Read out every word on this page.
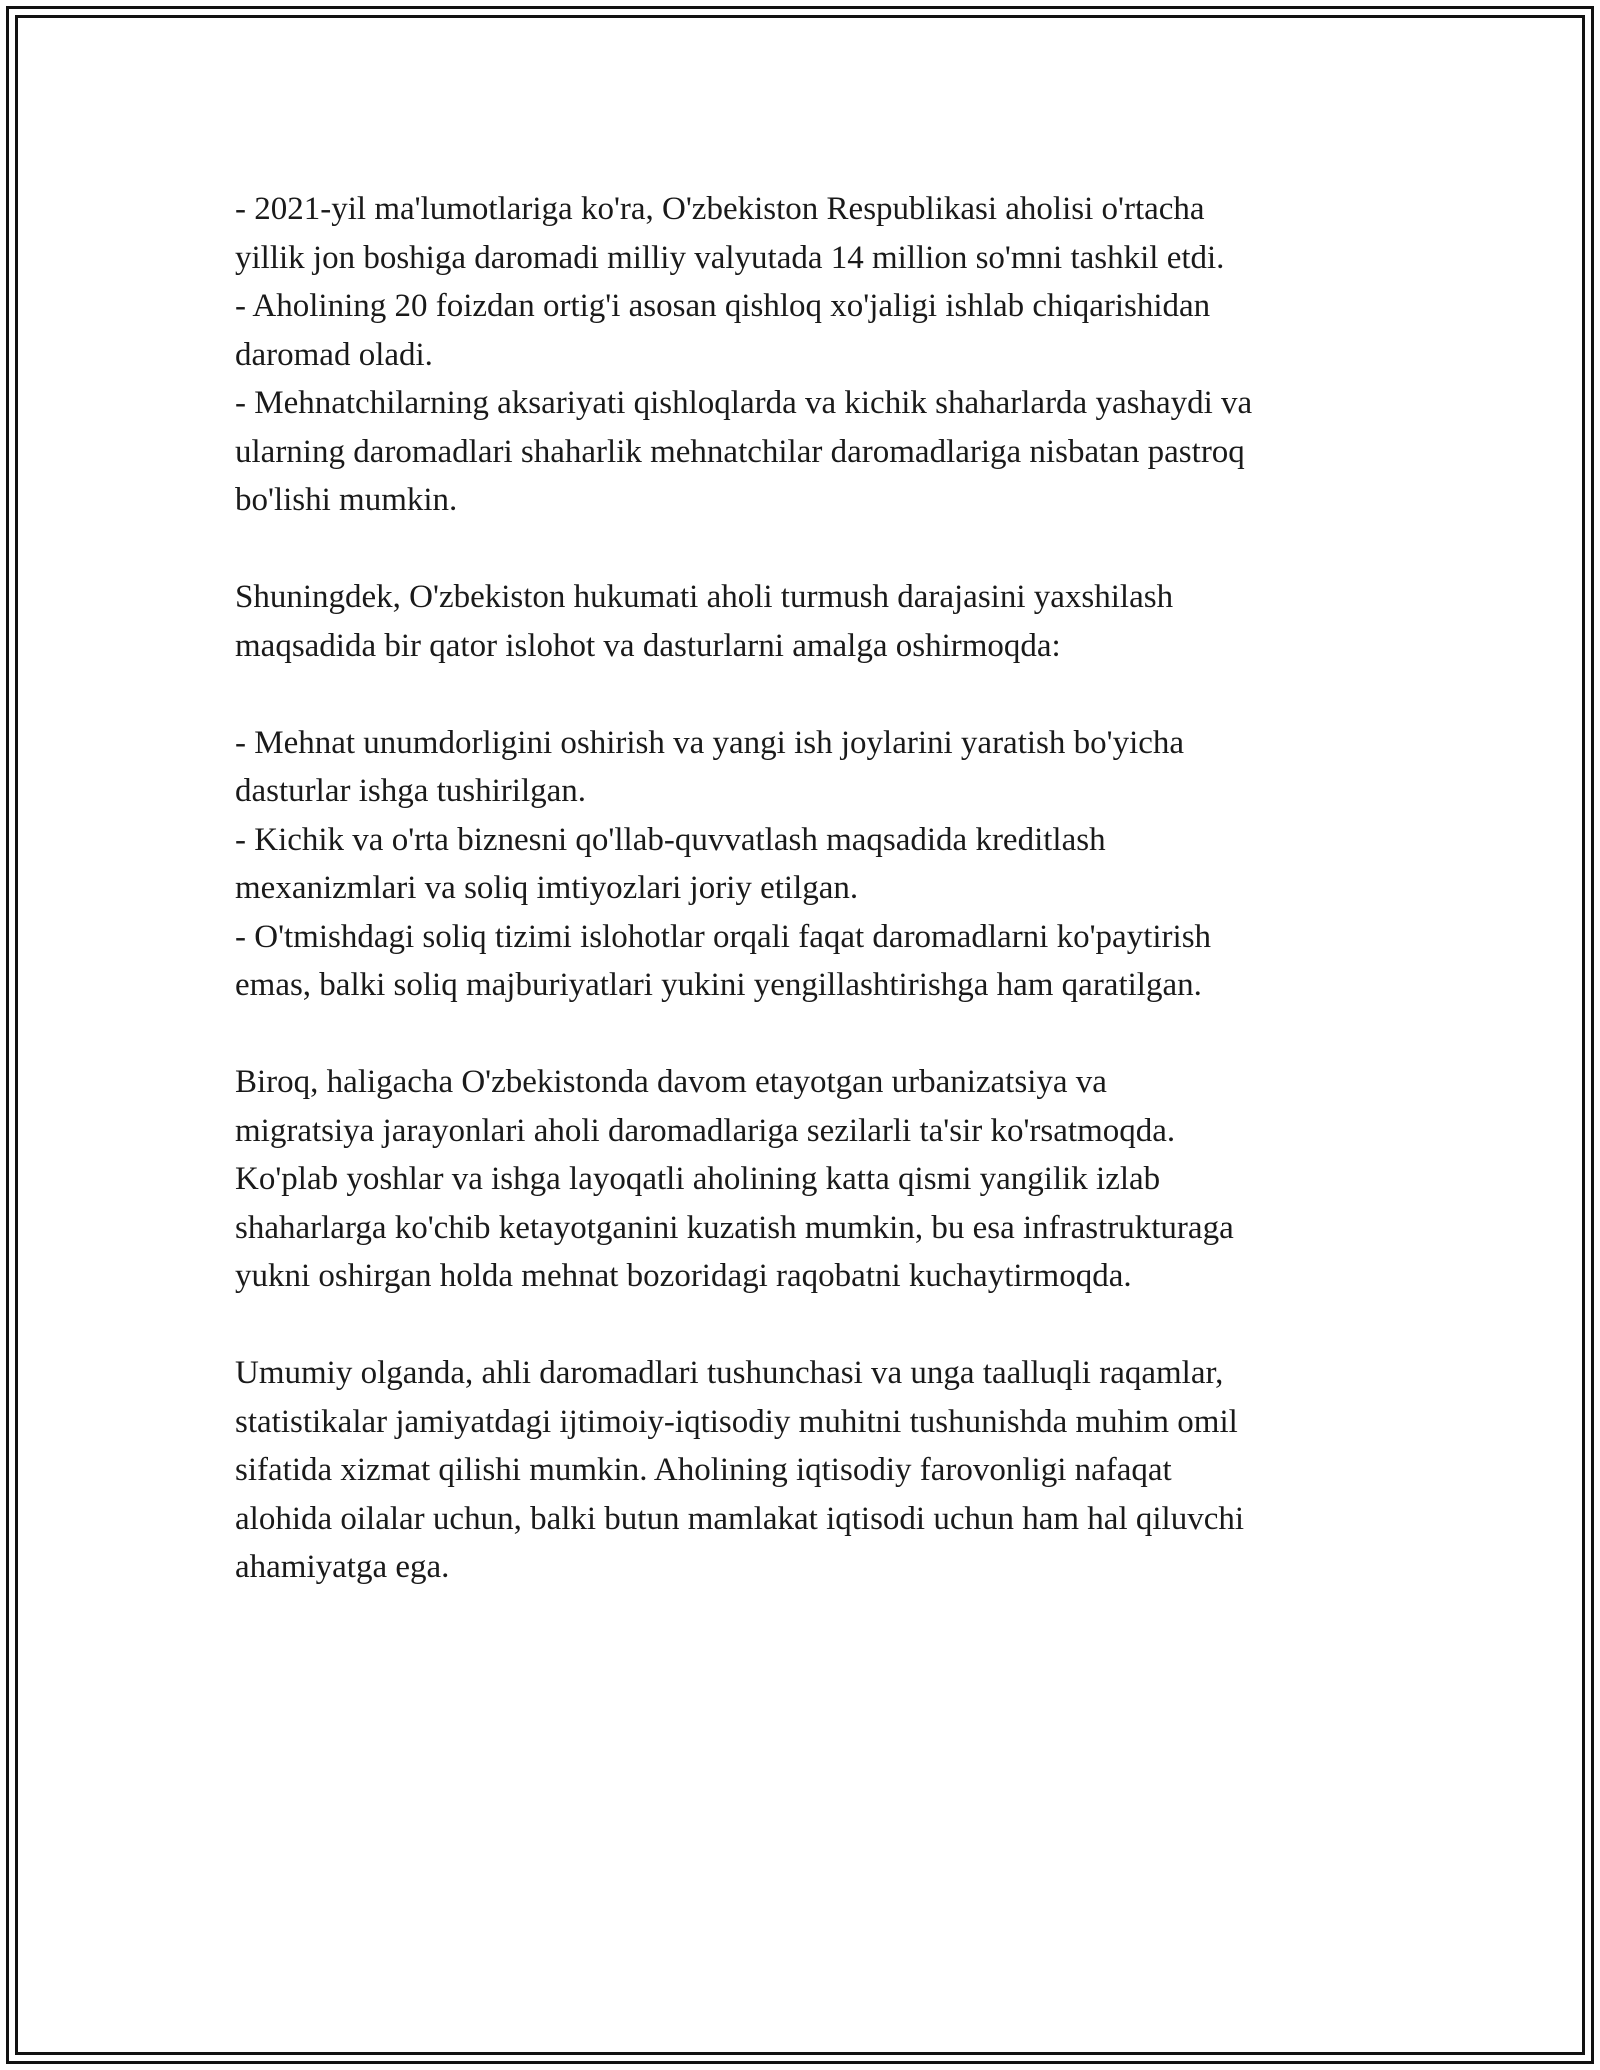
- 2021-yil ma'lumotlariga ko'ra, O'zbekiston Respublikasi aholisi o'rtacha
yillik jon boshiga daromadi milliy valyutada 14 million so'mni tashkil etdi.
- Aholining 20 foizdan ortig'i asosan qishloq xo'jaligi ishlab chiqarishidan
daromad oladi.
- Mehnatchilarning aksariyati qishloqlarda va kichik shaharlarda yashaydi va
ularning daromadlari shaharlik mehnatchilar daromadlariga nisbatan pastroq
bo'lishi mumkin.
Shuningdek, O'zbekiston hukumati aholi turmush darajasini yaxshilash
maqsadida bir qator islohot va dasturlarni amalga oshirmoqda:
- Mehnat unumdorligini oshirish va yangi ish joylarini yaratish bo'yicha
dasturlar ishga tushirilgan.
- Kichik va o'rta biznesni qo'llab-quvvatlash maqsadida kreditlash
mexanizmlari va soliq imtiyozlari joriy etilgan.
- O'tmishdagi soliq tizimi islohotlar orqali faqat daromadlarni ko'paytirish
emas, balki soliq majburiyatlari yukini yengillashtirishga ham qaratilgan.
Biroq, haligacha O'zbekistonda davom etayotgan urbanizatsiya va
migratsiya jarayonlari aholi daromadlariga sezilarli ta'sir ko'rsatmoqda.
Ko'plab yoshlar va ishga layoqatli aholining katta qismi yangilik izlab
shaharlarga ko'chib ketayotganini kuzatish mumkin, bu esa infrastrukturaga
yukni oshirgan holda mehnat bozoridagi raqobatni kuchaytirmoqda.
Umumiy olganda, ahli daromadlari tushunchasi va unga taalluqli raqamlar,
statistikalar jamiyatdagi ijtimoiy-iqtisodiy muhitni tushunishda muhim omil
sifatida xizmat qilishi mumkin. Aholining iqtisodiy farovonligi nafaqat
alohida oilalar uchun, balki butun mamlakat iqtisodi uchun ham hal qiluvchi
ahamiyatga ega.
